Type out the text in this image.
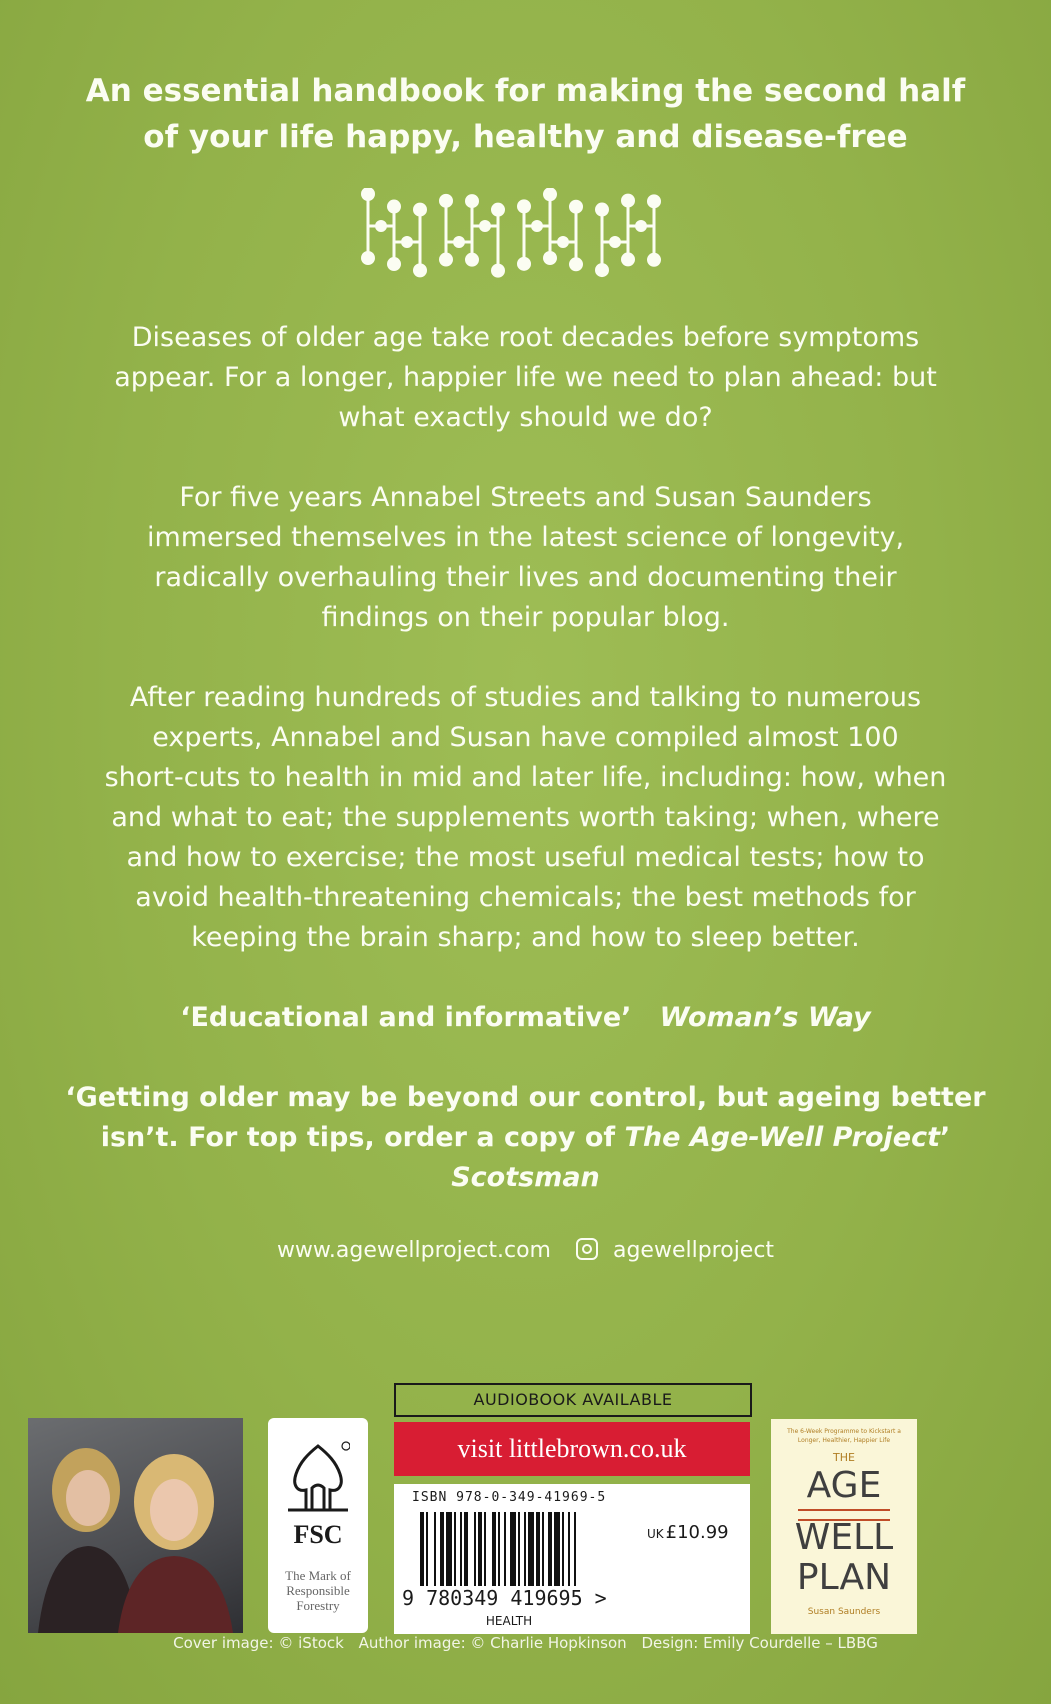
An essential handbook for making the second half
of your life happy, healthy and disease-free
Diseases of older age take root decades before symptoms
appear. For a longer, happier life we need to plan ahead: but
what exactly should we do?
For five years Annabel Streets and Susan Saunders
immersed themselves in the latest science of longevity,
radically overhauling their lives and documenting their
findings on their popular blog.
After reading hundreds of studies and talking to numerous
experts, Annabel and Susan have compiled almost 100
short-cuts to health in mid and later life, including: how, when
and what to eat; the supplements worth taking; when, where
and how to exercise; the most useful medical tests; how to
avoid health-threatening chemicals; the best methods for
keeping the brain sharp; and how to sleep better.
‘Educational and informative’ Woman’s Way
‘Getting older may be beyond our control, but ageing better
isn’t. For top tips, order a copy of The Age-Well Project’
Scotsman
www.agewellproject.com	agewellproject
FSC
The Mark of
Responsible
Forestry
AUDIOBOOK AVAILABLE
visit littlebrown.co.uk
ISBN 978-0-349-41969-5
UK £10.99
9 780349 419695 >
HEALTH
The 6-Week Programme to Kickstart a Longer, Healthier, Happier Life
THE
AGE
WELL
PLAN
Susan Saunders
Cover image: © iStock Author image: © Charlie Hopkinson Design: Emily Courdelle – LBBG
